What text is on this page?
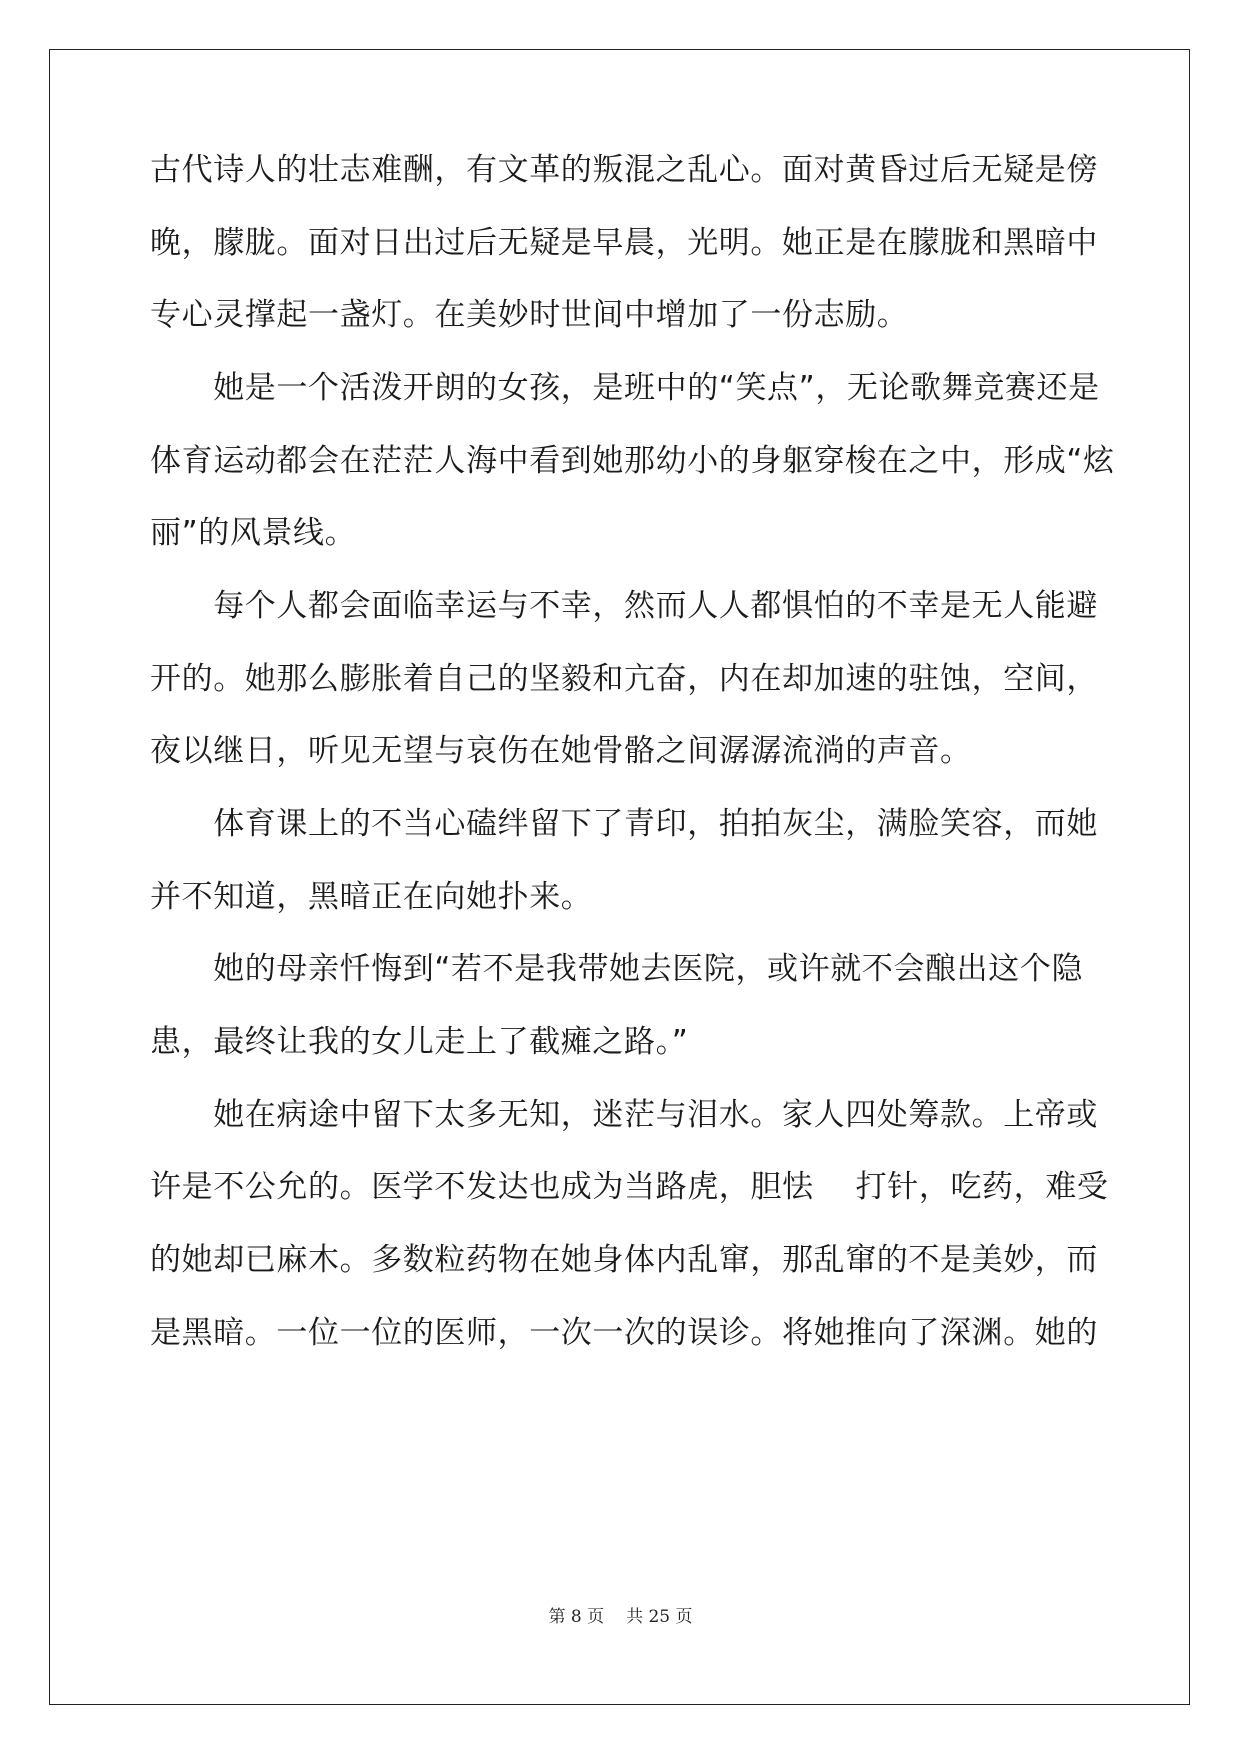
古代诗人的壮志难酬，有文革的叛混之乱心。面对黄昏过后无疑是傍
晚，朦胧。面对日出过后无疑是早晨，光明。她正是在朦胧和黑暗中
专心灵撑起一盏灯。在美妙时世间中增加了一份志励。
　　她是一个活泼开朗的女孩，是班中的“笑点”，无论歌舞竞赛还是
体育运动都会在茫茫人海中看到她那幼小的身躯穿梭在之中，形成“炫
丽”的风景线。
　　每个人都会面临幸运与不幸，然而人人都惧怕的不幸是无人能避
开的。她那么膨胀着自己的坚毅和亢奋，内在却加速的驻蚀，空间，
夜以继日，听见无望与哀伤在她骨骼之间潺潺流淌的声音。
　　体育课上的不当心磕绊留下了青印，拍拍灰尘，满脸笑容，而她
并不知道，黑暗正在向她扑来。
　　她的母亲忏悔到“若不是我带她去医院，或许就不会酿出这个隐
患，最终让我的女儿走上了截瘫之路。”
　　她在病途中留下太多无知，迷茫与泪水。家人四处筹款。上帝或
许是不公允的。医学不发达也成为当路虎，胆怯　 打针，吃药，难受
的她却已麻木。多数粒药物在她身体内乱窜，那乱窜的不是美妙，而
是黑暗。一位一位的医师，一次一次的误诊。将她推向了深渊。她的
第 8 页 共 25 页
